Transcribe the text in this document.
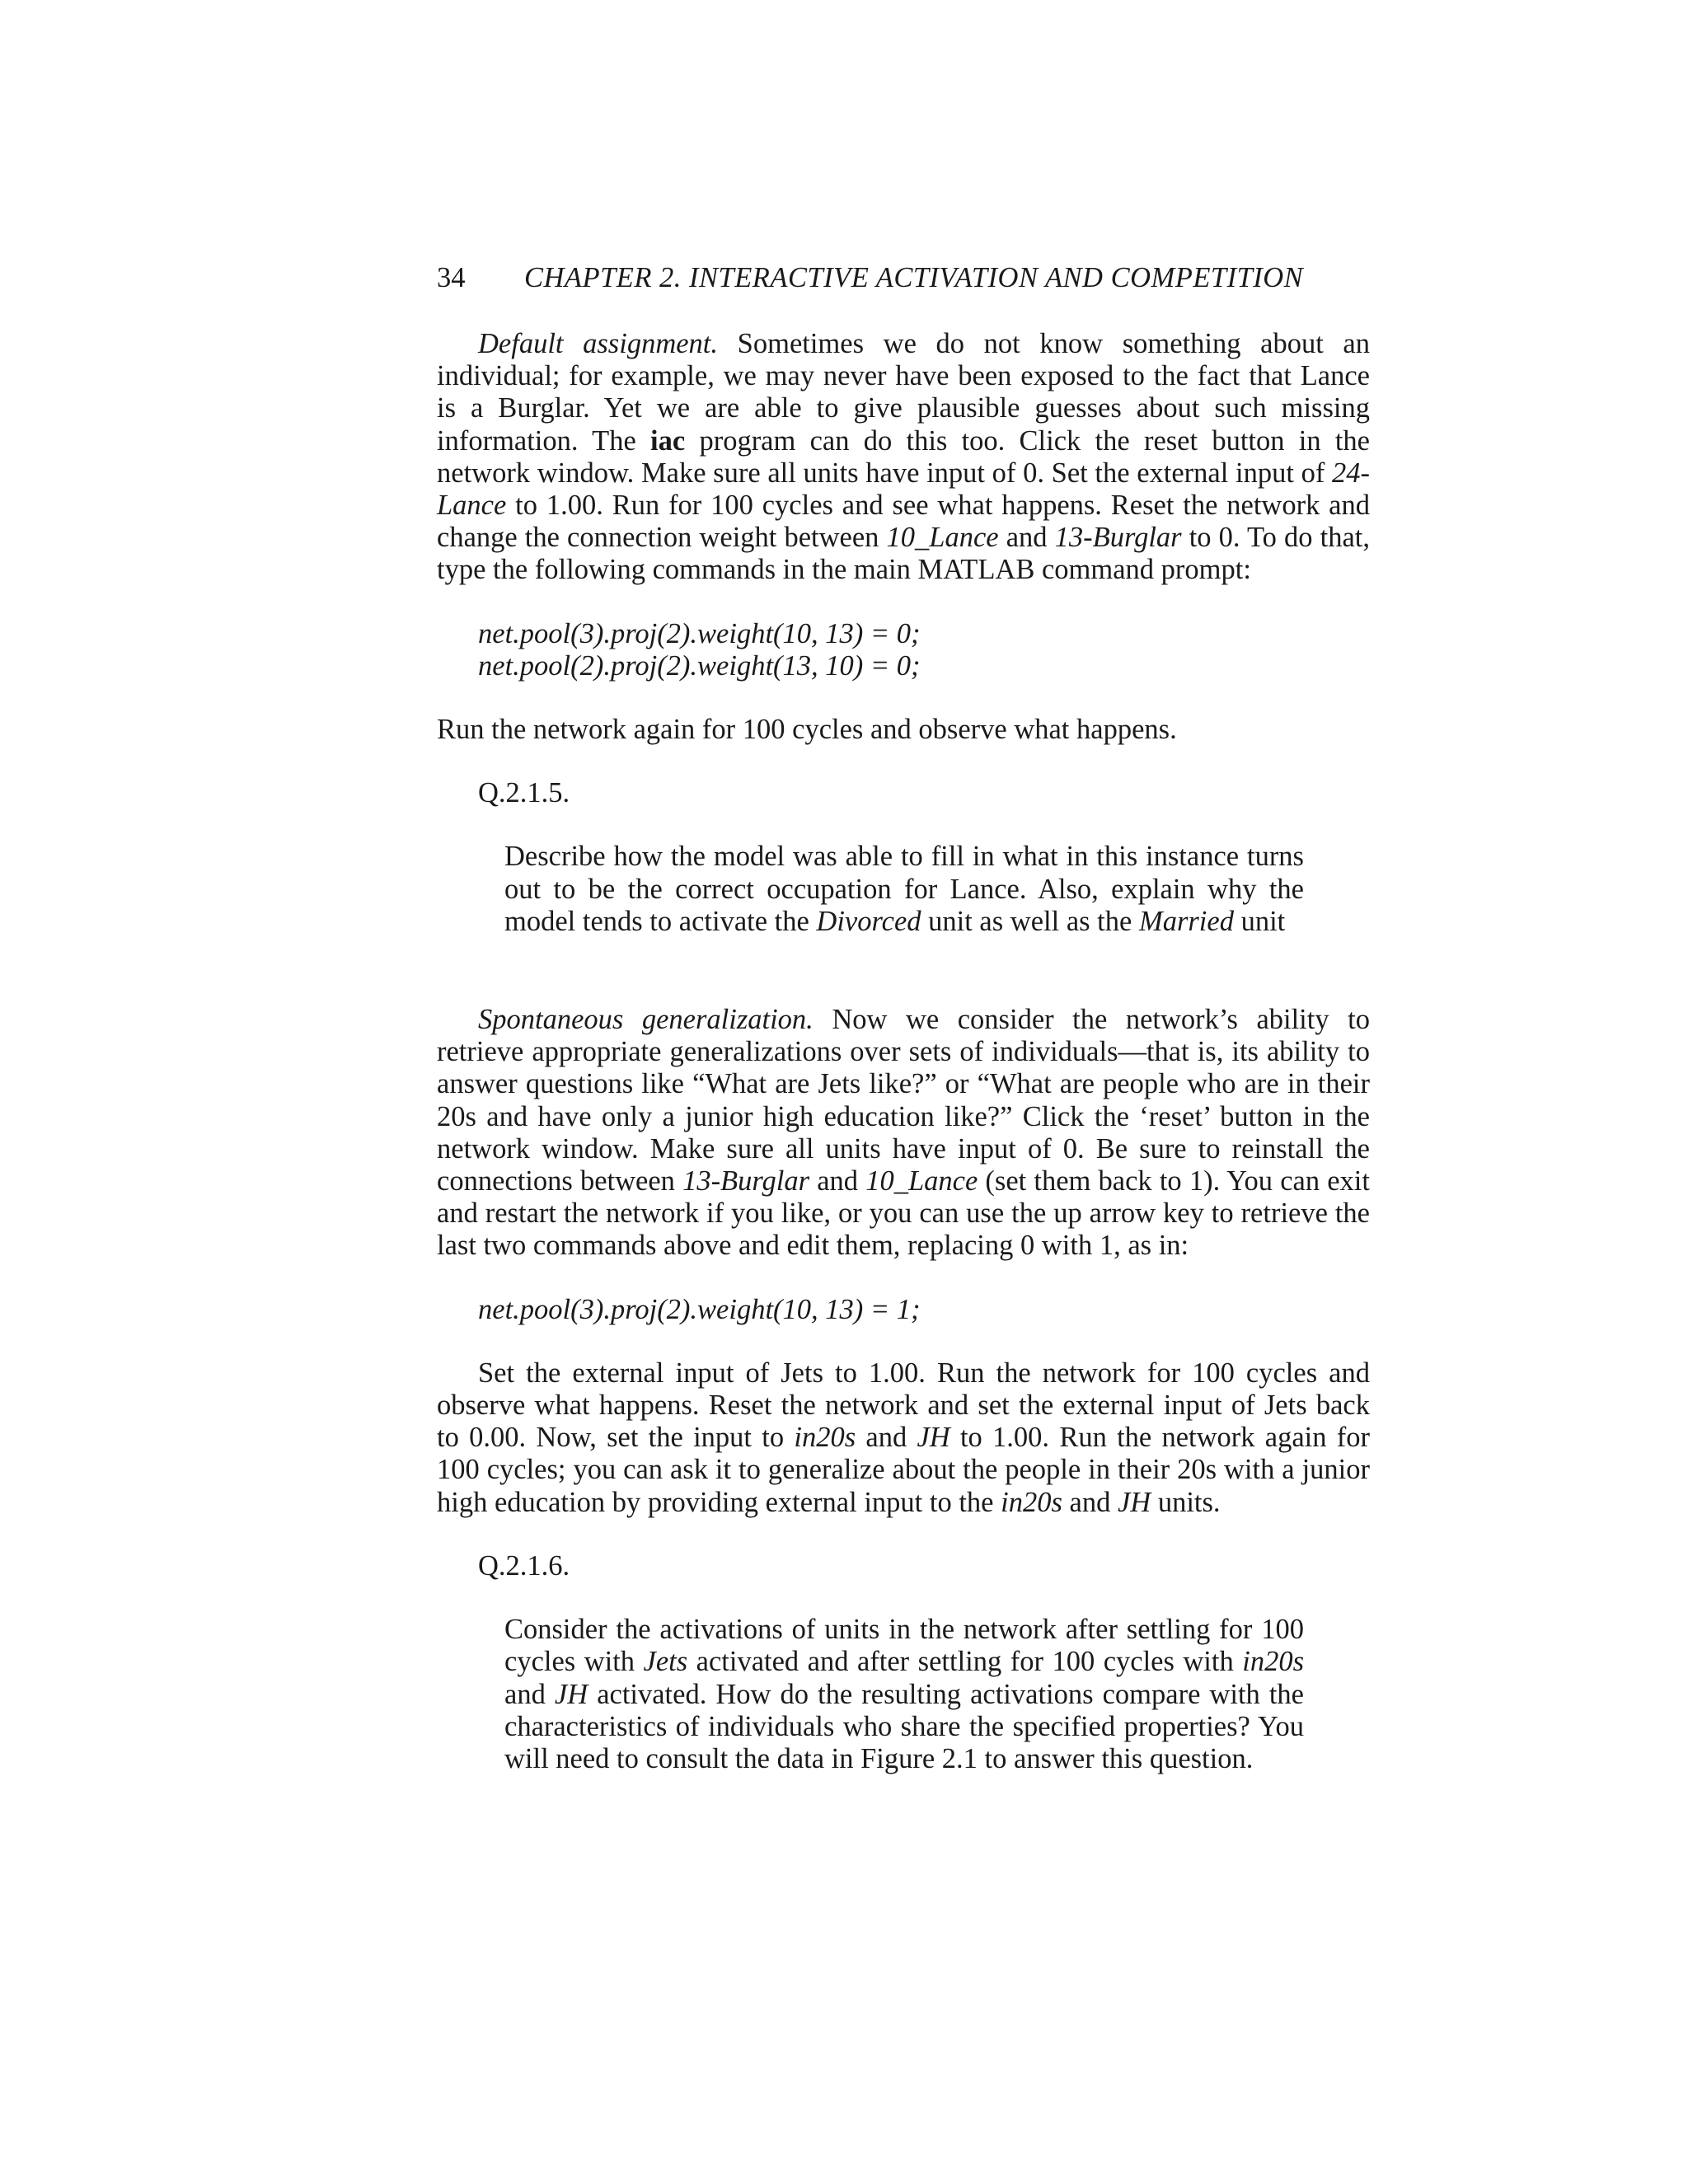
34	CHAPTER 2. INTERACTIVE ACTIVATION AND COMPETITION

Default assignment. Sometimes we do not know something about an individual; for example, we may never have been exposed to the fact that Lance is a Burglar. Yet we are able to give plausible guesses about such missing information. The iac program can do this too. Click the reset button in the network window. Make sure all units have input of 0. Set the external input of 24-Lance to 1.00. Run for 100 cycles and see what happens. Reset the network and change the connection weight between 10_Lance and 13-Burglar to 0. To do that, type the following commands in the main MATLAB command prompt:

net.pool(3).proj(2).weight(10, 13) = 0;
net.pool(2).proj(2).weight(13, 10) = 0;

Run the network again for 100 cycles and observe what happens.

Q.2.1.5.

Describe how the model was able to fill in what in this instance turns out to be the correct occupation for Lance. Also, explain why the model tends to activate the Divorced unit as well as the Married unit

Spontaneous generalization. Now we consider the network’s ability to retrieve appropriate generalizations over sets of individuals—that is, its ability to answer questions like “What are Jets like?” or “What are people who are in their 20s and have only a junior high education like?” Click the ‘reset’ button in the network window. Make sure all units have input of 0. Be sure to reinstall the connections between 13-Burglar and 10_Lance (set them back to 1). You can exit and restart the network if you like, or you can use the up arrow key to retrieve the last two commands above and edit them, replacing 0 with 1, as in:

net.pool(3).proj(2).weight(10, 13) = 1;

Set the external input of Jets to 1.00. Run the network for 100 cycles and observe what happens. Reset the network and set the external input of Jets back to 0.00. Now, set the input to in20s and JH to 1.00. Run the network again for 100 cycles; you can ask it to generalize about the people in their 20s with a junior high education by providing external input to the in20s and JH units.

Q.2.1.6.

Consider the activations of units in the network after settling for 100 cycles with Jets activated and after settling for 100 cycles with in20s and JH activated. How do the resulting activations compare with the characteristics of individuals who share the specified properties? You will need to consult the data in Figure 2.1 to answer this question.
